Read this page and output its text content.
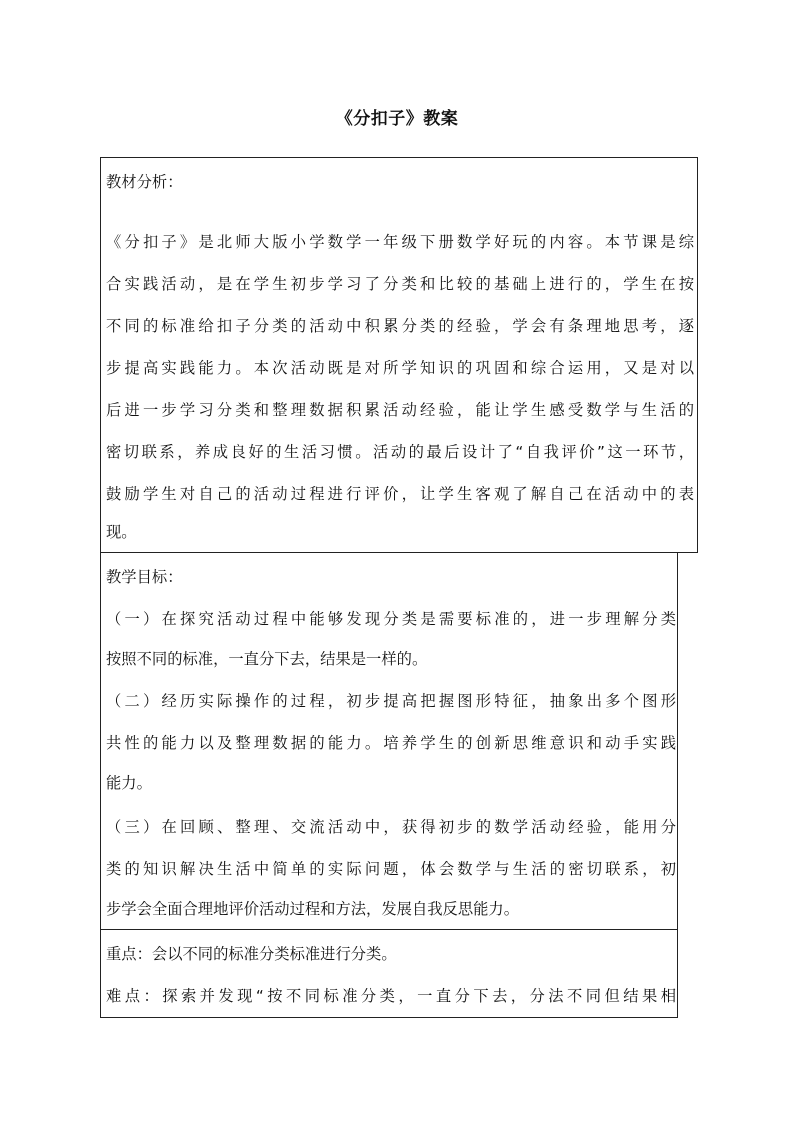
《分扣子》教案
教材分析：
《分扣子》是北师大版小学数学一年级下册数学好玩的内容。本节课是综
合实践活动，是在学生初步学习了分类和比较的基础上进行的，学生在按
不同的标准给扣子分类的活动中积累分类的经验，学会有条理地思考，逐
步提高实践能力。本次活动既是对所学知识的巩固和综合运用，又是对以
后进一步学习分类和整理数据积累活动经验，能让学生感受数学与生活的
密切联系，养成良好的生活习惯。活动的最后设计了“自我评价”这一环节，
鼓励学生对自己的活动过程进行评价，让学生客观了解自己在活动中的表
现。
教学目标：
（一）在探究活动过程中能够发现分类是需要标准的，进一步理解分类
按照不同的标准，一直分下去，结果是一样的。
（二）经历实际操作的过程，初步提高把握图形特征，抽象出多个图形
共性的能力以及整理数据的能力。培养学生的创新思维意识和动手实践
能力。
（三）在回顾、整理、交流活动中，获得初步的数学活动经验，能用分
类的知识解决生活中简单的实际问题，体会数学与生活的密切联系，初
步学会全面合理地评价活动过程和方法，发展自我反思能力。
重点：会以不同的标准分类标准进行分类。
难点：探索并发现“按不同标准分类，一直分下去，分法不同但结果相
